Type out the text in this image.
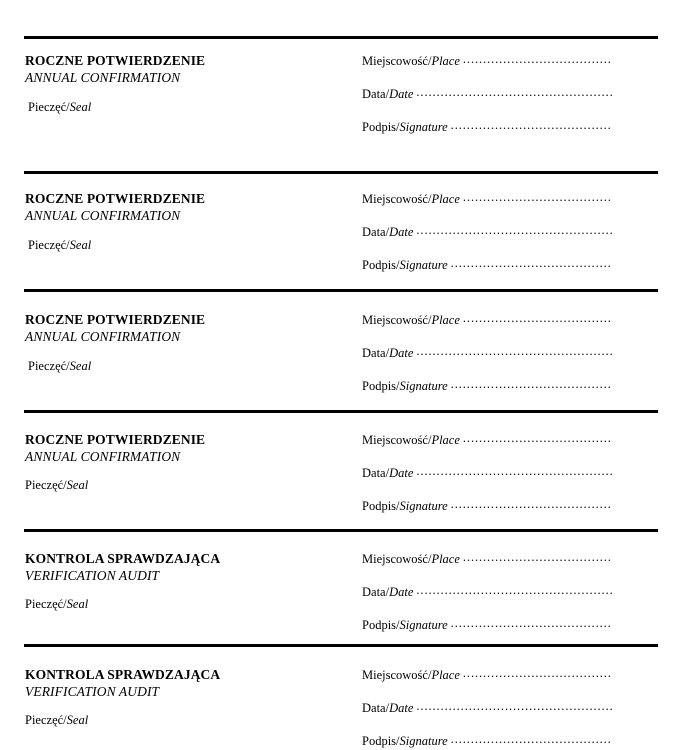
ROCZNE POTWIERDZENIE
ANNUAL CONFIRMATION
Pieczęć/Seal
Miejscowość/Place
.....
Data/Date
.....
Podpis/Signature
.....
ROCZNE POTWIERDZENIE
ANNUAL CONFIRMATION
Pieczęć/Seal
Miejscowość/Place
.....
Data/Date
.....
Podpis/Signature
.....
ROCZNE POTWIERDZENIE
ANNUAL CONFIRMATION
Pieczęć/Seal
Miejscowość/Place
.....
Data/Date
.....
Podpis/Signature
.....
ROCZNE POTWIERDZENIE
ANNUAL CONFIRMATION
Pieczęć/Seal
Miejscowość/Place
.....
Data/Date
.....
Podpis/Signature
.....
KONTROLA SPRAWDZAJĄCA
VERIFICATION AUDIT
Pieczęć/Seal
Miejscowość/Place
.....
Data/Date
.....
Podpis/Signature
.....
KONTROLA SPRAWDZAJĄCA
VERIFICATION AUDIT
Pieczęć/Seal
Miejscowość/Place
.....
Data/Date
.....
Podpis/Signature
.....
